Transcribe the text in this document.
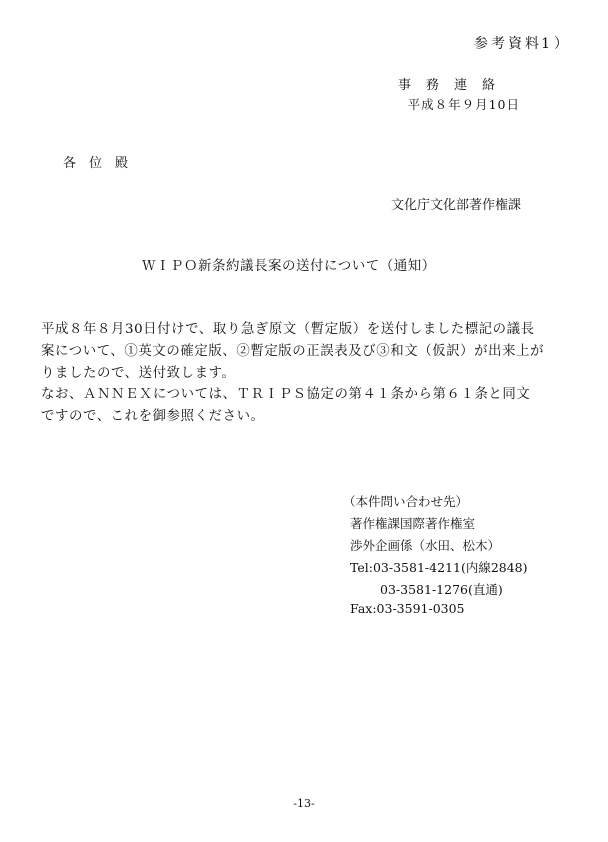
参考資料 1）
事務連絡
平成８年９月10日
各位殿
文化庁文化部著作権課
ＷＩＰＯ新条約議長案の送付について（通知）
平成８年８月30日付けで、取り急ぎ原文（暫定版）を送付しました標記の議長
案について、①英文の確定版、②暫定版の正誤表及び③和文（仮訳）が出来上が
りましたので、送付致します。
なお、ＡＮＮＥＸについては、ＴＲＩＰＳ協定の第４１条から第６１条と同文
ですので、これを御参照ください。
（本件問い合わせ先）
著作権課国際著作権室
渉外企画係（水田、松木）
Tel:03-3581-4211(内線2848)
03-3581-1276(直通)
Fax:03-3591-0305
-13-
